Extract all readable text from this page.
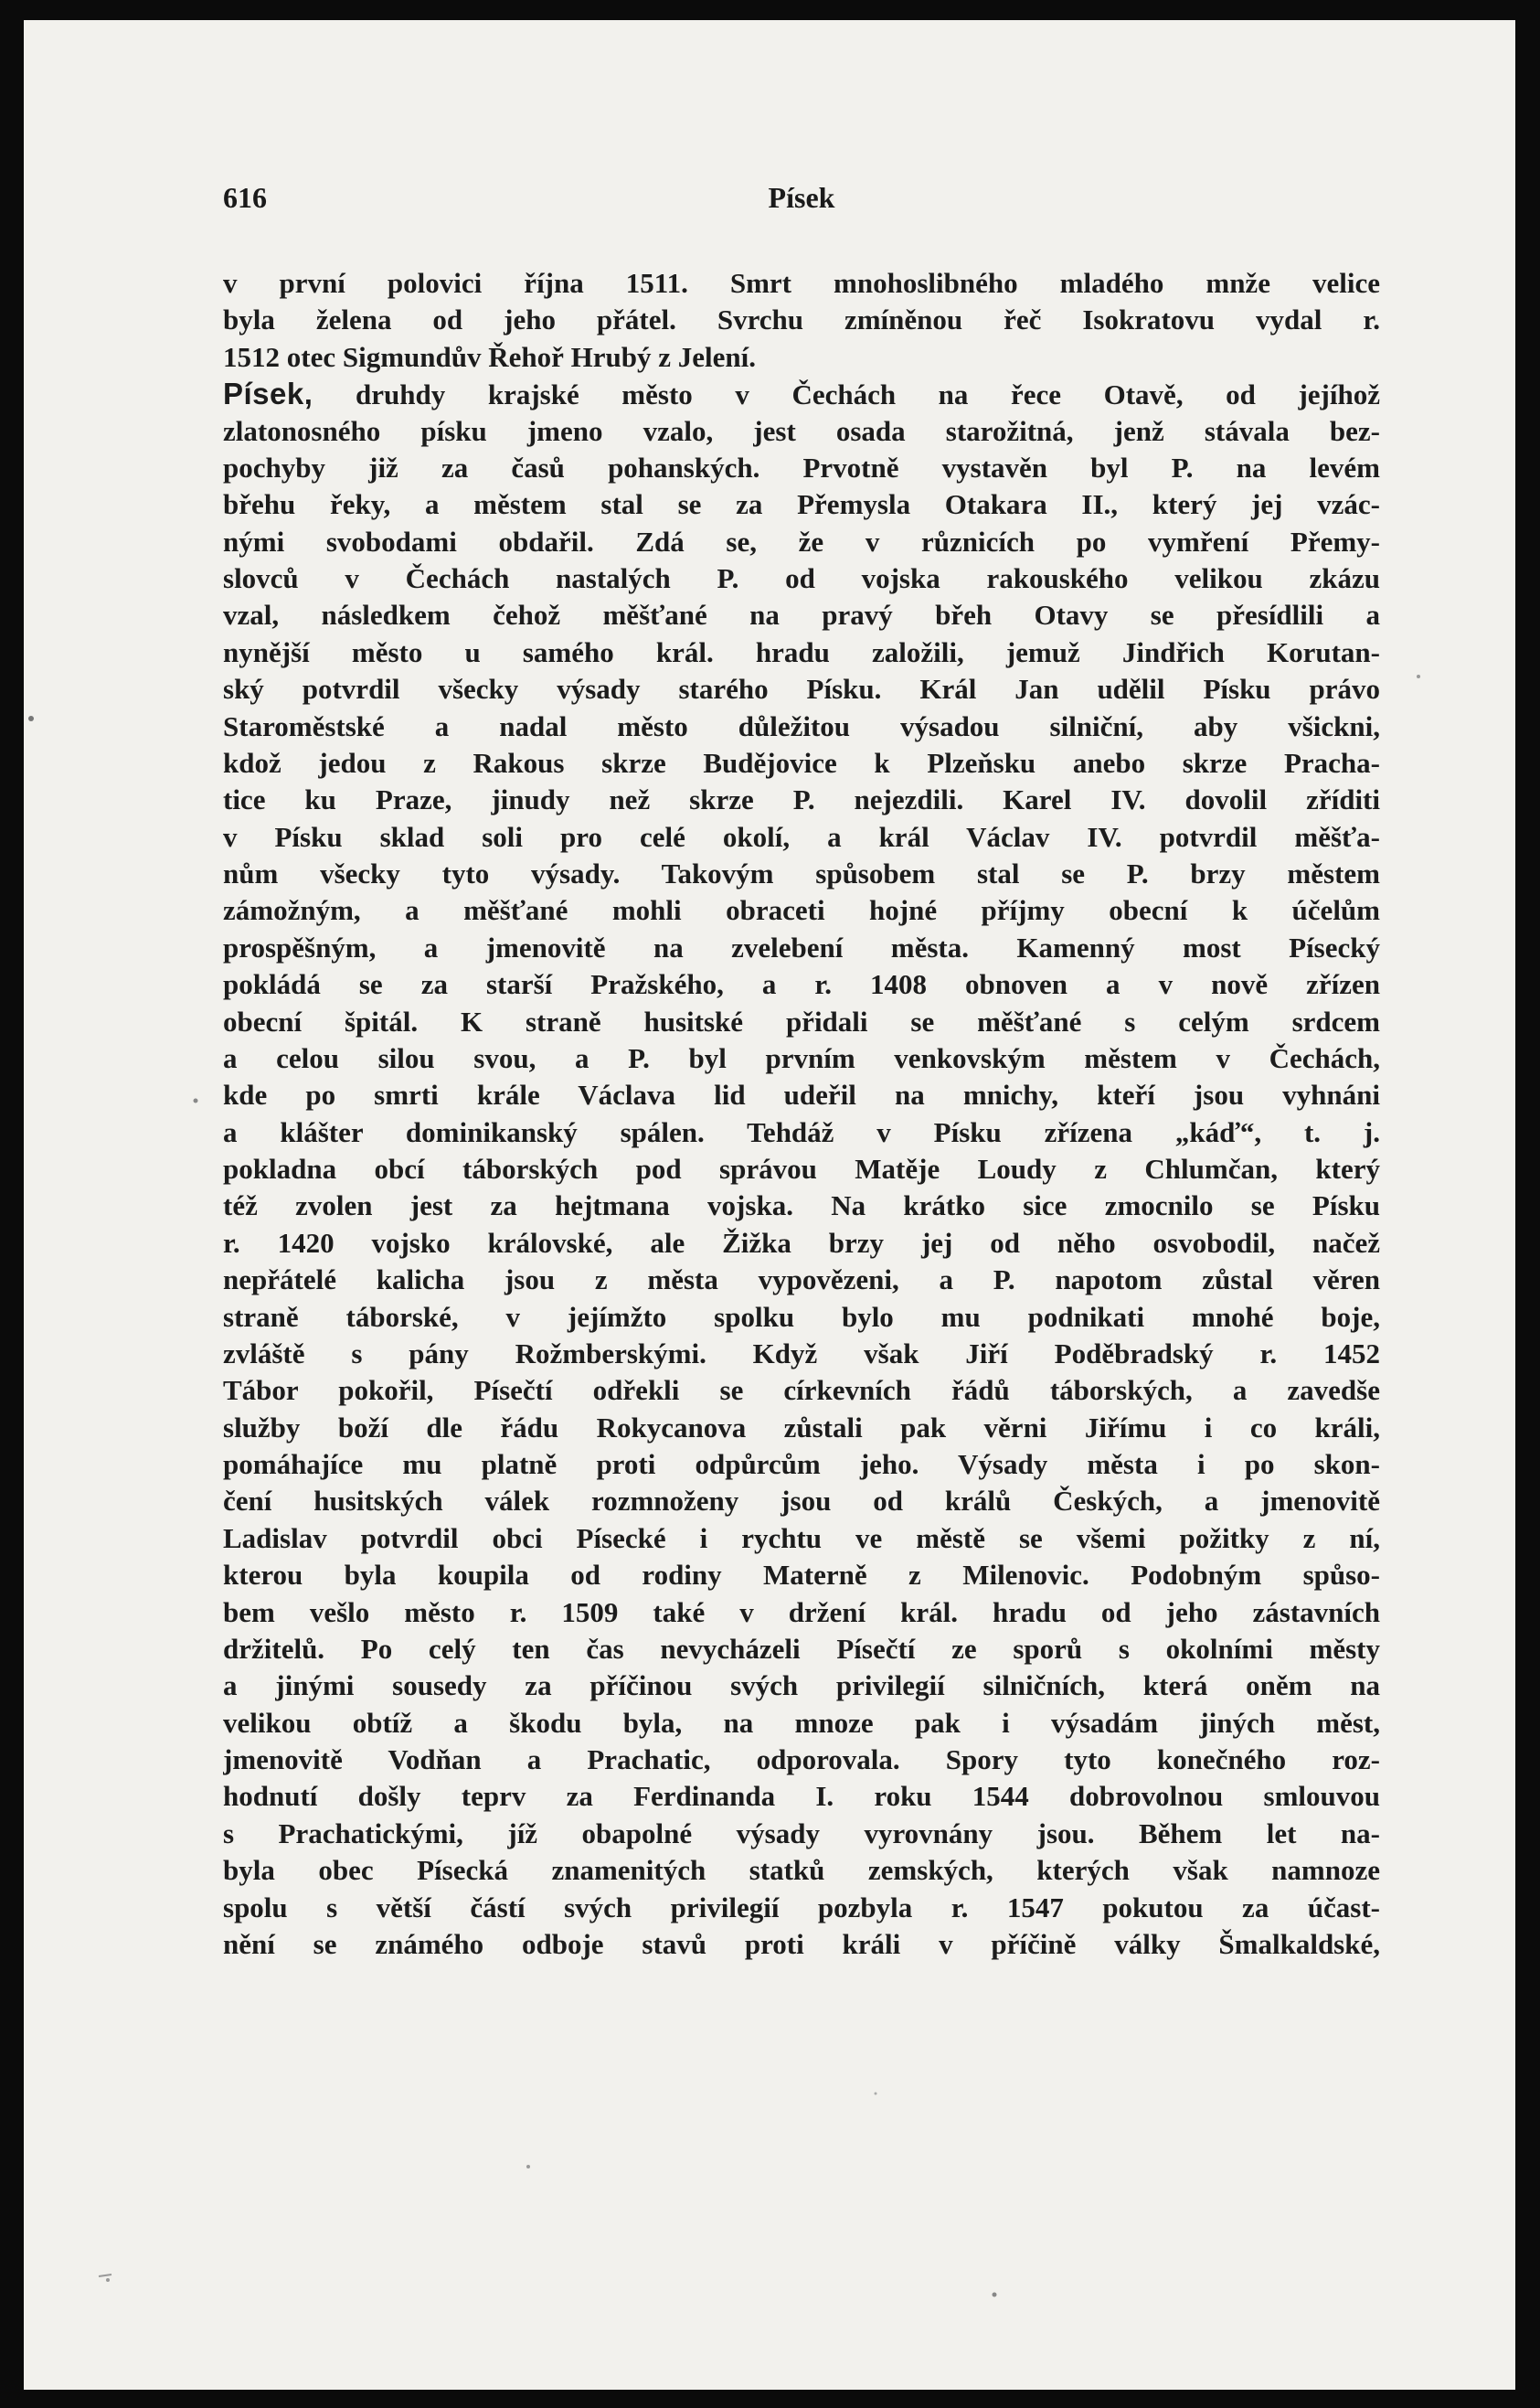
616	Písek
v první polovici října 1511. Smrt mnohoslibného mladého mnže velice
byla želena od jeho přátel. Svrchu zmíněnou řeč Isokratovu vydal r.
1512 otec Sigmundův Řehoř Hrubý z Jelení.
Písek, druhdy krajské město v Čechách na řece Otavě, od jejíhož
zlatonosného písku jmeno vzalo, jest osada starožitná, jenž stávala bez-
pochyby již za časů pohanských. Prvotně vystavěn byl P. na levém
břehu řeky, a městem stal se za Přemysla Otakara II., který jej vzác-
nými svobodami obdařil. Zdá se, že v různicích po vymření Přemy-
slovců v Čechách nastalých P. od vojska rakouského velikou zkázu
vzal, následkem čehož měšťané na pravý břeh Otavy se přesídlili a
nynější město u samého král. hradu založili, jemuž Jindřich Korutan-
ský potvrdil všecky výsady starého Písku. Král Jan udělil Písku právo
Staroměstské a nadal město důležitou výsadou silniční, aby všickni,
kdož jedou z Rakous skrze Budějovice k Plzeňsku anebo skrze Pracha-
tice ku Praze, jinudy než skrze P. nejezdili. Karel IV. dovolil zříditi
v Písku sklad soli pro celé okolí, a král Václav IV. potvrdil měšťa-
nům všecky tyto výsady. Takovým spůsobem stal se P. brzy městem
zámožným, a měšťané mohli obraceti hojné příjmy obecní k účelům
prospěšným, a jmenovitě na zvelebení města. Kamenný most Písecký
pokládá se za starší Pražského, a r. 1408 obnoven a v nově zřízen
obecní špitál. K straně husitské přidali se měšťané s celým srdcem
a celou silou svou, a P. byl prvním venkovským městem v Čechách,
kde po smrti krále Václava lid udeřil na mnichy, kteří jsou vyhnáni
a klášter dominikanský spálen. Tehdáž v Písku zřízena „káď“, t. j.
pokladna obcí táborských pod správou Matěje Loudy z Chlumčan, který
též zvolen jest za hejtmana vojska. Na krátko sice zmocnilo se Písku
r. 1420 vojsko královské, ale Žižka brzy jej od něho osvobodil, načež
nepřátelé kalicha jsou z města vypovězeni, a P. napotom zůstal věren
straně táborské, v jejímžto spolku bylo mu podnikati mnohé boje,
zvláště s pány Rožmberskými. Když však Jiří Poděbradský r. 1452
Tábor pokořil, Písečtí odřekli se církevních řádů táborských, a zavedše
služby boží dle řádu Rokycanova zůstali pak věrni Jiřímu i co králi,
pomáhajíce mu platně proti odpůrcům jeho. Výsady města i po skon-
čení husitských válek rozmnoženy jsou od králů Českých, a jmenovitě
Ladislav potvrdil obci Písecké i rychtu ve městě se všemi požitky z ní,
kterou byla koupila od rodiny Materně z Milenovic. Podobným spůso-
bem vešlo město r. 1509 také v držení král. hradu od jeho zástavních
držitelů. Po celý ten čas nevycházeli Písečtí ze sporů s okolními městy
a jinými sousedy za příčinou svých privilegií silničních, která oněm na
velikou obtíž a škodu byla, na mnoze pak i výsadám jiných měst,
jmenovitě Vodňan a Prachatic, odporovala. Spory tyto konečného roz-
hodnutí došly teprv za Ferdinanda I. roku 1544 dobrovolnou smlouvou
s Prachatickými, jíž obapolné výsady vyrovnány jsou. Během let na-
byla obec Písecká znamenitých statků zemských, kterých však namnoze
spolu s větší částí svých privilegií pozbyla r. 1547 pokutou za účast-
nění se známého odboje stavů proti králi v příčině války Šmalkaldské,
